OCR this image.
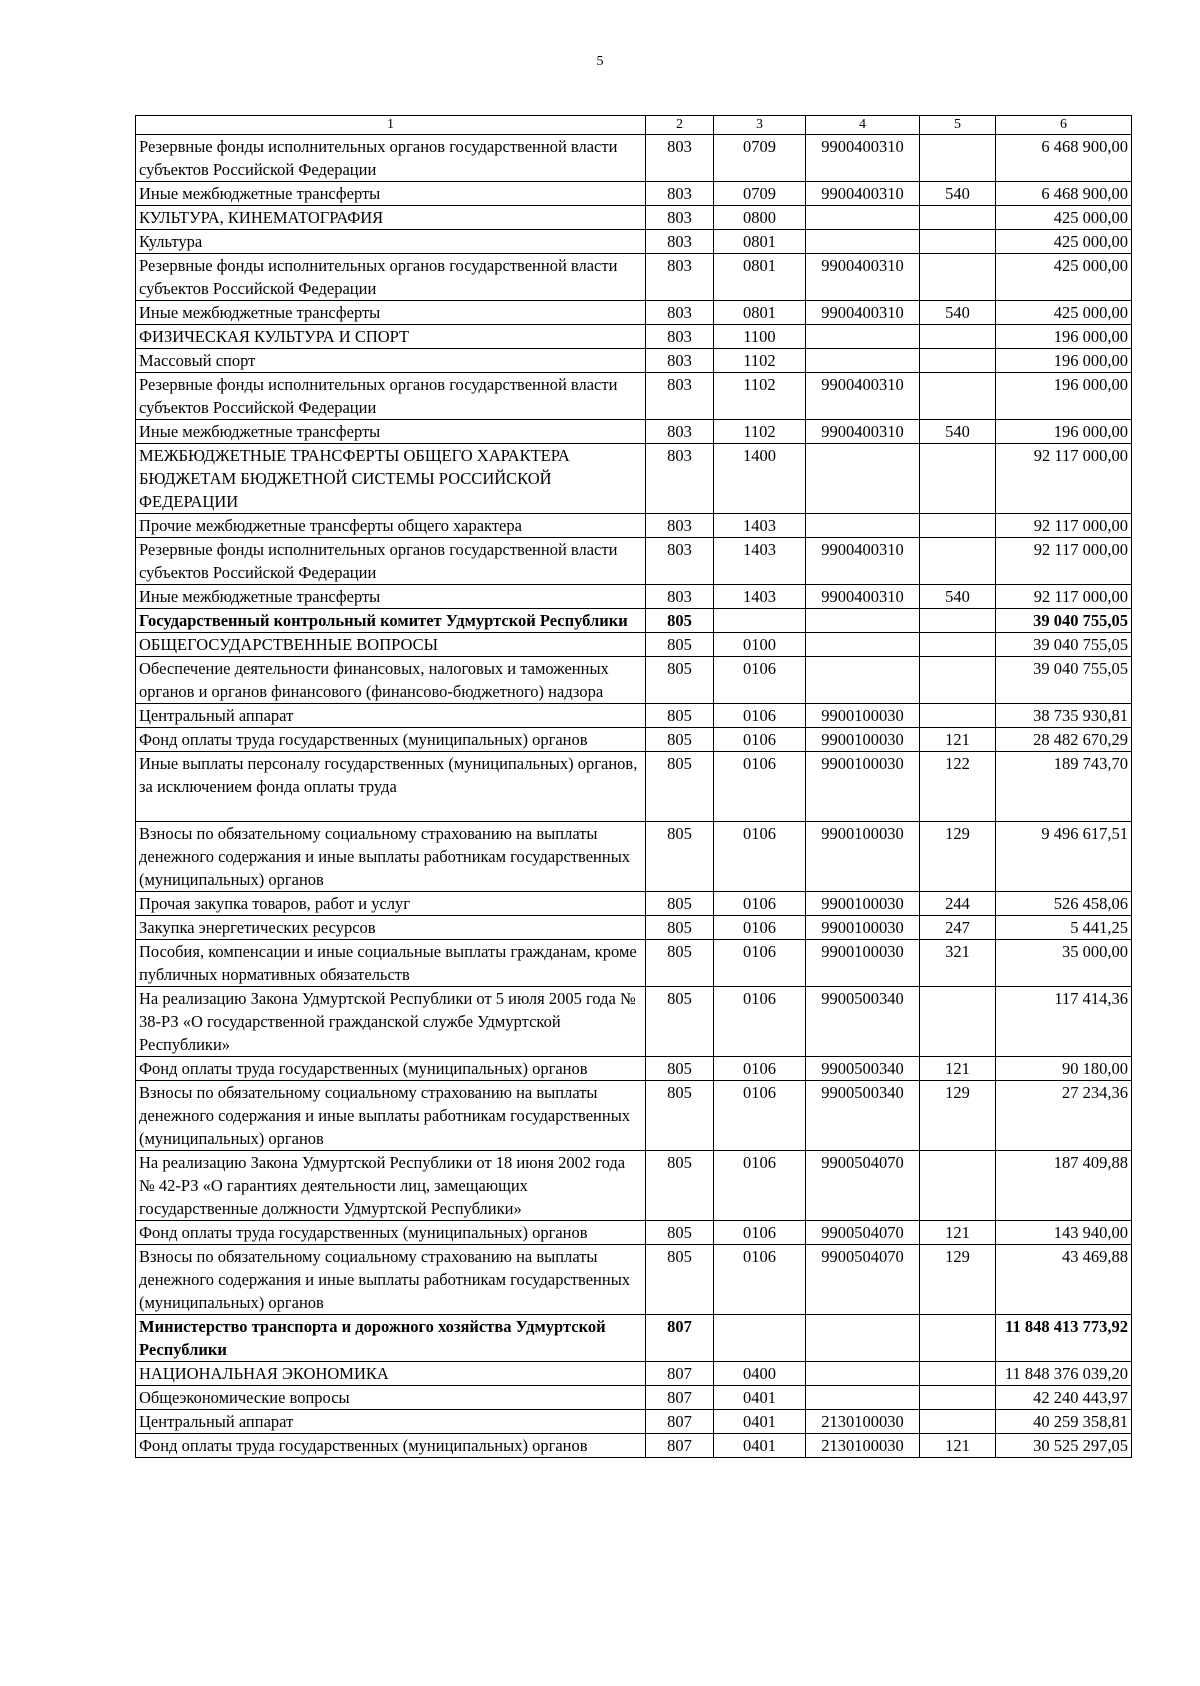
5
1	2	3	4	5	6
Резервные фонды исполнительных органов государственной власти субъектов Российской Федерации	803	0709	9900400310		6 468 900,00
Иные межбюджетные трансферты	803	0709	9900400310	540	6 468 900,00
КУЛЬТУРА, КИНЕМАТОГРАФИЯ	803	0800			425 000,00
Культура	803	0801			425 000,00
Резервные фонды исполнительных органов государственной власти субъектов Российской Федерации	803	0801	9900400310		425 000,00
Иные межбюджетные трансферты	803	0801	9900400310	540	425 000,00
ФИЗИЧЕСКАЯ КУЛЬТУРА И СПОРТ	803	1100			196 000,00
Массовый спорт	803	1102			196 000,00
Резервные фонды исполнительных органов государственной власти субъектов Российской Федерации	803	1102	9900400310		196 000,00
Иные межбюджетные трансферты	803	1102	9900400310	540	196 000,00
МЕЖБЮДЖЕТНЫЕ ТРАНСФЕРТЫ ОБЩЕГО ХАРАКТЕРА БЮДЖЕТАМ БЮДЖЕТНОЙ СИСТЕМЫ РОССИЙСКОЙ ФЕДЕРАЦИИ	803	1400			92 117 000,00
Прочие межбюджетные трансферты общего характера	803	1403			92 117 000,00
Резервные фонды исполнительных органов государственной власти субъектов Российской Федерации	803	1403	9900400310		92 117 000,00
Иные межбюджетные трансферты	803	1403	9900400310	540	92 117 000,00
Государственный контрольный комитет Удмуртской Республики	805				39 040 755,05
ОБЩЕГОСУДАРСТВЕННЫЕ ВОПРОСЫ	805	0100			39 040 755,05
Обеспечение деятельности финансовых, налоговых и таможенных органов и органов финансового (финансово-бюджетного) надзора	805	0106			39 040 755,05
Центральный аппарат	805	0106	9900100030		38 735 930,81
Фонд оплаты труда государственных (муниципальных) органов	805	0106	9900100030	121	28 482 670,29
Иные выплаты персоналу государственных (муниципальных) органов, за исключением фонда оплаты труда	805	0106	9900100030	122	189 743,70
Взносы по обязательному социальному страхованию на выплаты денежного содержания и иные выплаты работникам государственных (муниципальных) органов	805	0106	9900100030	129	9 496 617,51
Прочая закупка товаров, работ и услуг	805	0106	9900100030	244	526 458,06
Закупка энергетических ресурсов	805	0106	9900100030	247	5 441,25
Пособия, компенсации и иные социальные выплаты гражданам, кроме публичных нормативных обязательств	805	0106	9900100030	321	35 000,00
На реализацию Закона Удмуртской Республики от 5 июля 2005 года № 38-РЗ «О государственной гражданской службе Удмуртской Республики»	805	0106	9900500340		117 414,36
Фонд оплаты труда государственных (муниципальных) органов	805	0106	9900500340	121	90 180,00
Взносы по обязательному социальному страхованию на выплаты денежного содержания и иные выплаты работникам государственных (муниципальных) органов	805	0106	9900500340	129	27 234,36
На реализацию Закона Удмуртской Республики от 18 июня 2002 года № 42-РЗ «О гарантиях деятельности лиц, замещающих государственные должности Удмуртской Республики»	805	0106	9900504070		187 409,88
Фонд оплаты труда государственных (муниципальных) органов	805	0106	9900504070	121	143 940,00
Взносы по обязательному социальному страхованию на выплаты денежного содержания и иные выплаты работникам государственных (муниципальных) органов	805	0106	9900504070	129	43 469,88
Министерство транспорта и дорожного хозяйства Удмуртской Республики	807				11 848 413 773,92
НАЦИОНАЛЬНАЯ ЭКОНОМИКА	807	0400			11 848 376 039,20
Общеэкономические вопросы	807	0401			42 240 443,97
Центральный аппарат	807	0401	2130100030		40 259 358,81
Фонд оплаты труда государственных (муниципальных) органов	807	0401	2130100030	121	30 525 297,05
